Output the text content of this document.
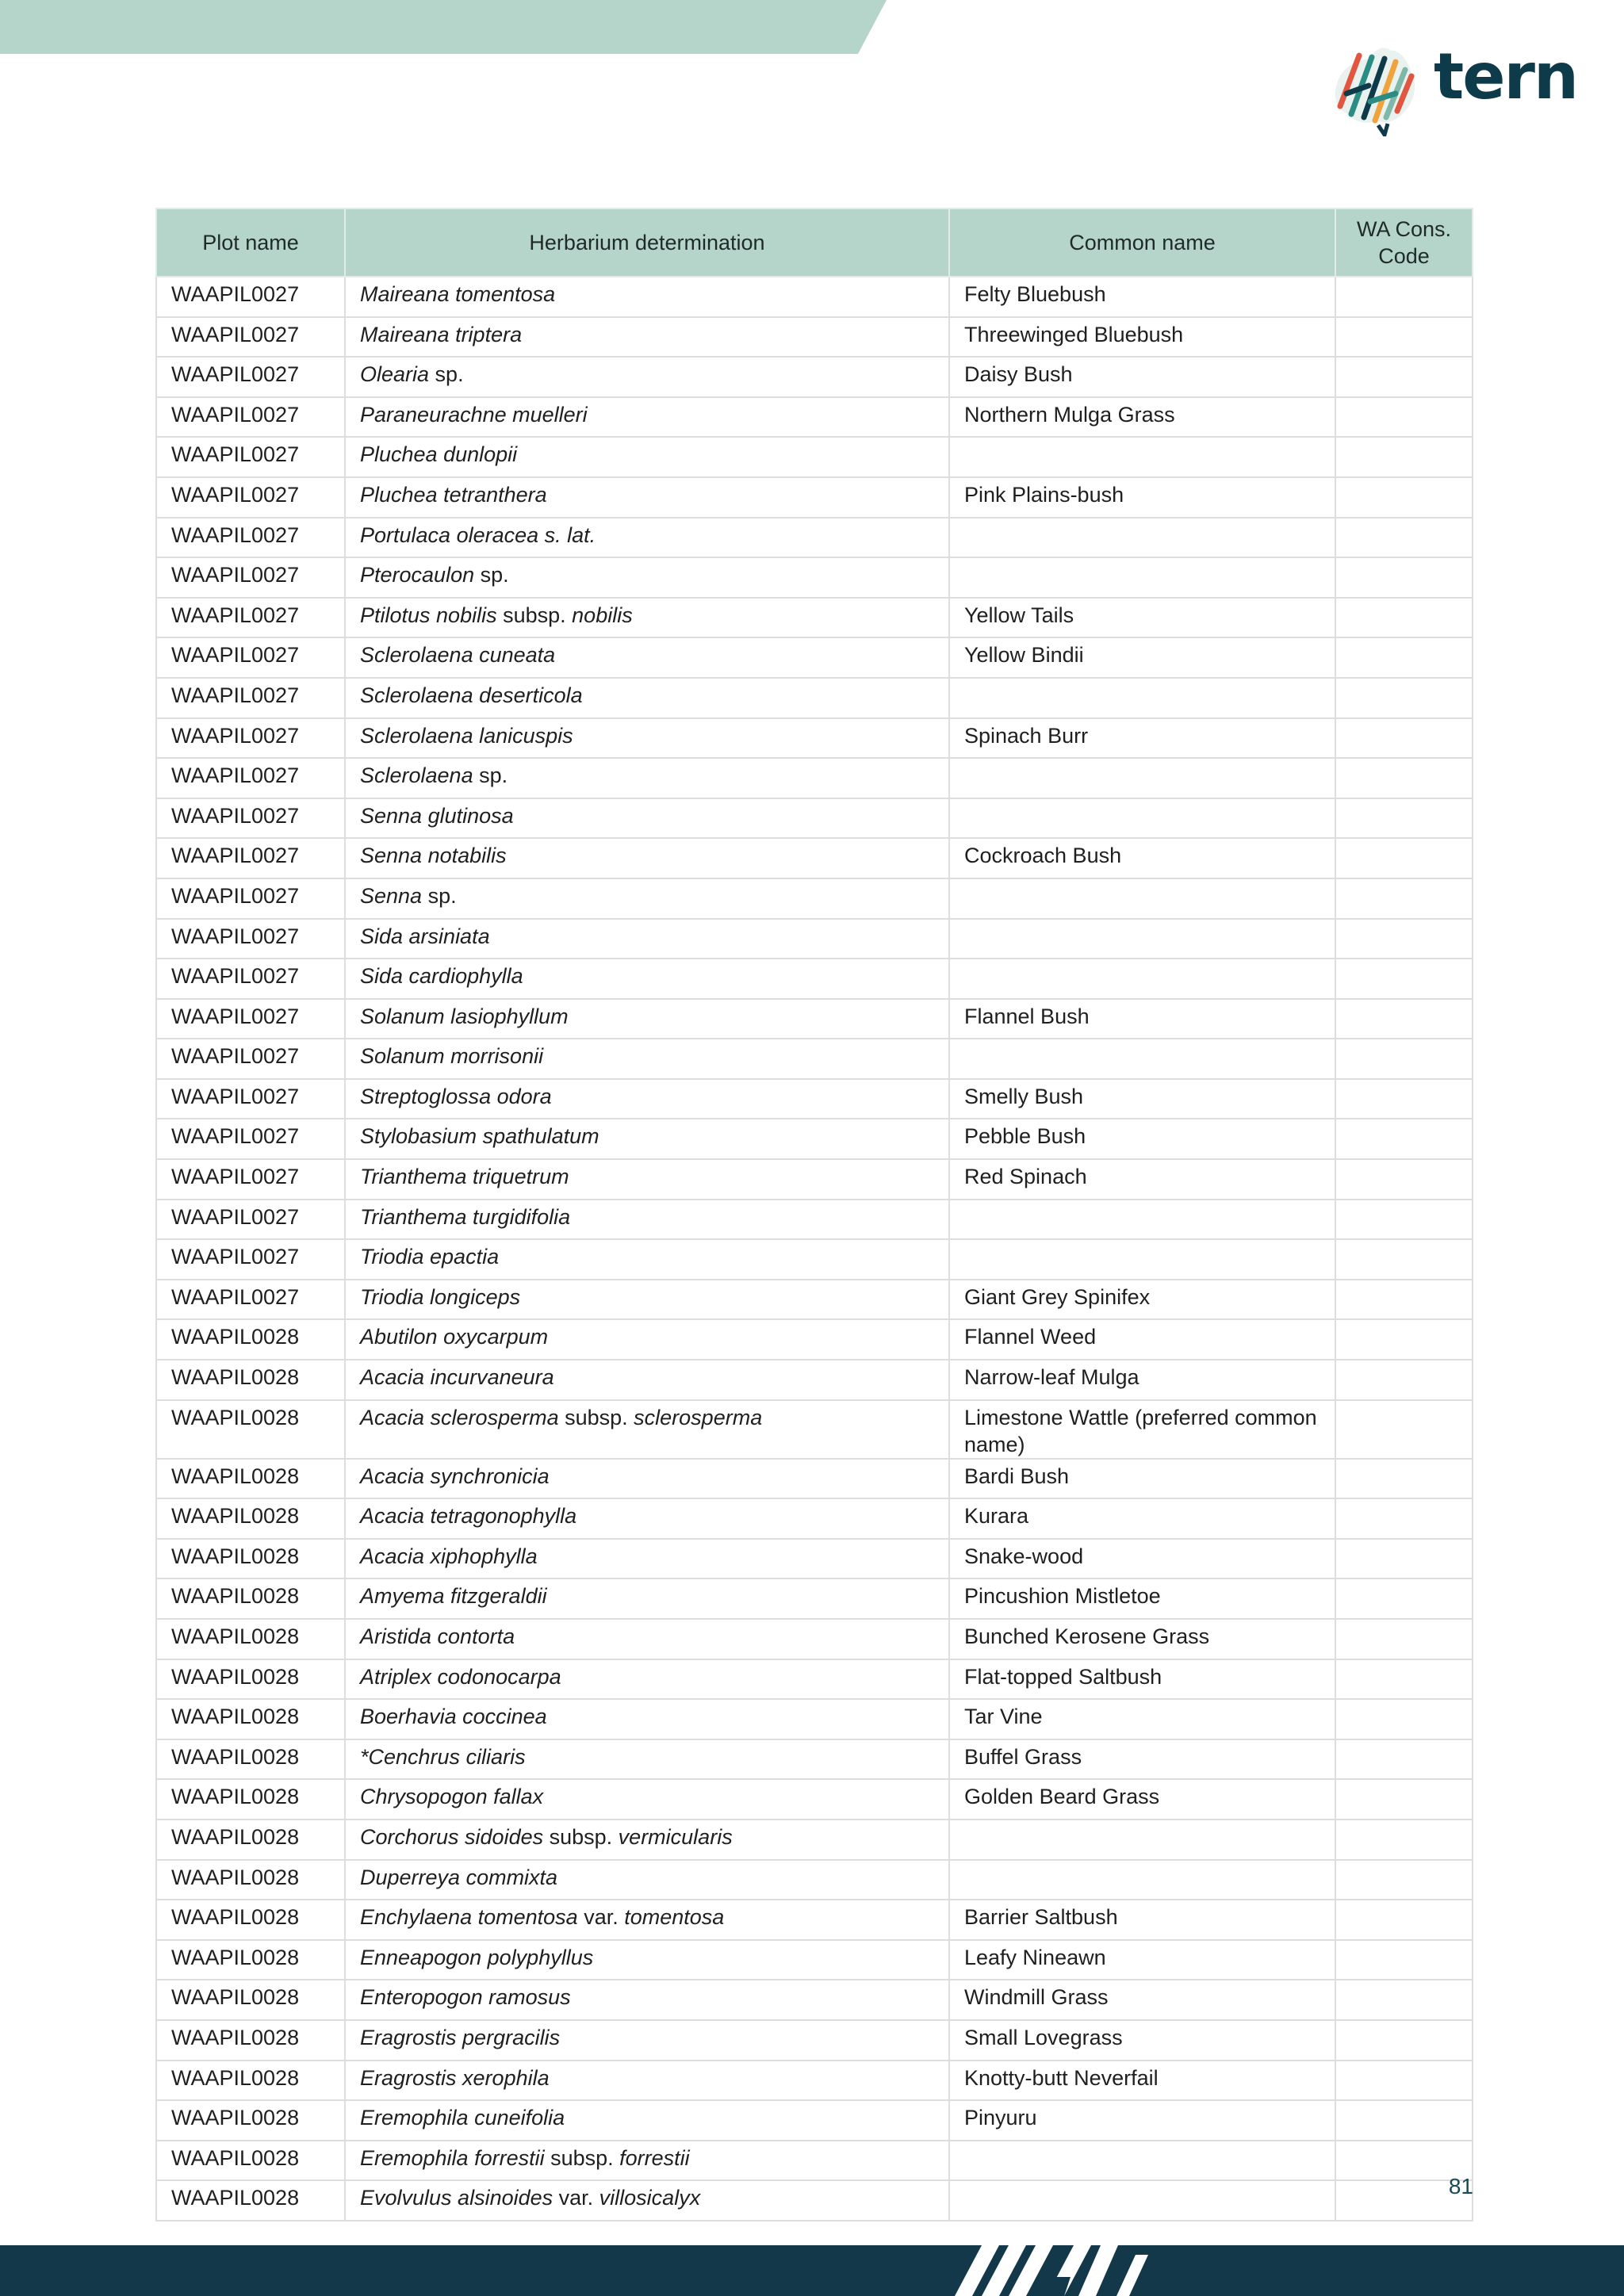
tern
Plot name	Herbarium determination	Common name	WA Cons. Code
WAAPIL0027	Maireana tomentosa	Felty Bluebush	
WAAPIL0027	Maireana triptera	Threewinged Bluebush	
WAAPIL0027	Olearia sp.	Daisy Bush	
WAAPIL0027	Paraneurachne muelleri	Northern Mulga Grass	
WAAPIL0027	Pluchea dunlopii		
WAAPIL0027	Pluchea tetranthera	Pink Plains-bush	
WAAPIL0027	Portulaca oleracea s. lat.		
WAAPIL0027	Pterocaulon sp.		
WAAPIL0027	Ptilotus nobilis subsp. nobilis	Yellow Tails	
WAAPIL0027	Sclerolaena cuneata	Yellow Bindii	
WAAPIL0027	Sclerolaena deserticola		
WAAPIL0027	Sclerolaena lanicuspis	Spinach Burr	
WAAPIL0027	Sclerolaena sp.		
WAAPIL0027	Senna glutinosa		
WAAPIL0027	Senna notabilis	Cockroach Bush	
WAAPIL0027	Senna sp.		
WAAPIL0027	Sida arsiniata		
WAAPIL0027	Sida cardiophylla		
WAAPIL0027	Solanum lasiophyllum	Flannel Bush	
WAAPIL0027	Solanum morrisonii		
WAAPIL0027	Streptoglossa odora	Smelly Bush	
WAAPIL0027	Stylobasium spathulatum	Pebble Bush	
WAAPIL0027	Trianthema triquetrum	Red Spinach	
WAAPIL0027	Trianthema turgidifolia		
WAAPIL0027	Triodia epactia		
WAAPIL0027	Triodia longiceps	Giant Grey Spinifex	
WAAPIL0028	Abutilon oxycarpum	Flannel Weed	
WAAPIL0028	Acacia incurvaneura	Narrow-leaf Mulga	
WAAPIL0028	Acacia sclerosperma subsp. sclerosperma	Limestone Wattle (preferred common name)	
WAAPIL0028	Acacia synchronicia	Bardi Bush	
WAAPIL0028	Acacia tetragonophylla	Kurara	
WAAPIL0028	Acacia xiphophylla	Snake-wood	
WAAPIL0028	Amyema fitzgeraldii	Pincushion Mistletoe	
WAAPIL0028	Aristida contorta	Bunched Kerosene Grass	
WAAPIL0028	Atriplex codonocarpa	Flat-topped Saltbush	
WAAPIL0028	Boerhavia coccinea	Tar Vine	
WAAPIL0028	*Cenchrus ciliaris	Buffel Grass	
WAAPIL0028	Chrysopogon fallax	Golden Beard Grass	
WAAPIL0028	Corchorus sidoides subsp. vermicularis		
WAAPIL0028	Duperreya commixta		
WAAPIL0028	Enchylaena tomentosa var. tomentosa	Barrier Saltbush	
WAAPIL0028	Enneapogon polyphyllus	Leafy Nineawn	
WAAPIL0028	Enteropogon ramosus	Windmill Grass	
WAAPIL0028	Eragrostis pergracilis	Small Lovegrass	
WAAPIL0028	Eragrostis xerophila	Knotty-butt Neverfail	
WAAPIL0028	Eremophila cuneifolia	Pinyuru	
WAAPIL0028	Eremophila forrestii subsp. forrestii		
WAAPIL0028	Evolvulus alsinoides var. villosicalyx			81
